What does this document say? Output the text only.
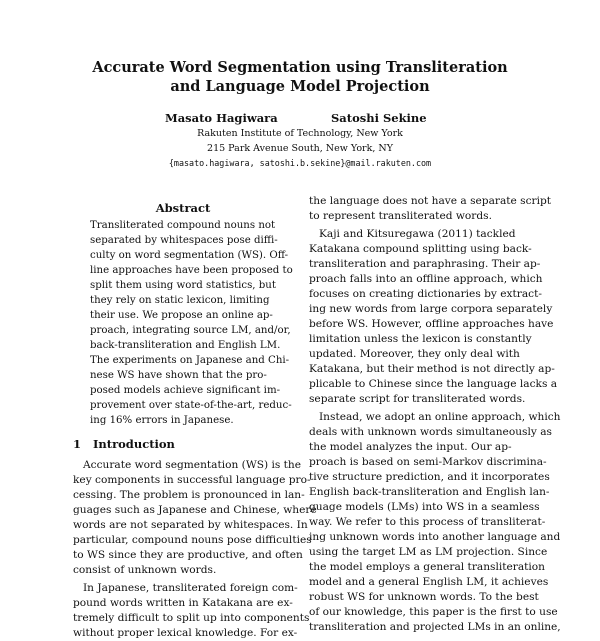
Accurate Word Segmentation using Transliteration
and Language Model Projection
Masato Hagiwara	Satoshi Sekine
Rakuten Institute of Technology, New York
215 Park Avenue South, New York, NY
{masato.hagiwara, satoshi.b.sekine}@mail.rakuten.com
Abstract
Transliterated compound nouns not
separated by whitespaces pose diffi-
culty on word segmentation (WS). Off-
line approaches have been proposed to
split them using word statistics, but
they rely on static lexicon, limiting
their use. We propose an online ap-
proach, integrating source LM, and/or,
back-transliteration and English LM.
The experiments on Japanese and Chi-
nese WS have shown that the pro-
posed models achieve significant im-
provement over state-of-the-art, reduc-
ing 16% errors in Japanese.
1 Introduction
Accurate word segmentation (WS) is the
key components in successful language pro-
cessing. The problem is pronounced in lan-
guages such as Japanese and Chinese, where
words are not separated by whitespaces. In
particular, compound nouns pose difficulties
to WS since they are productive, and often
consist of unknown words.
In Japanese, transliterated foreign com-
pound words written in Katakana are ex-
tremely difficult to split up into components
without proper lexical knowledge. For ex-
the language does not have a separate script
to represent transliterated words.
Kaji and Kitsuregawa (2011) tackled
Katakana compound splitting using back-
transliteration and paraphrasing. Their ap-
proach falls into an offline approach, which
focuses on creating dictionaries by extract-
ing new words from large corpora separately
before WS. However, offline approaches have
limitation unless the lexicon is constantly
updated. Moreover, they only deal with
Katakana, but their method is not directly ap-
plicable to Chinese since the language lacks a
separate script for transliterated words.
Instead, we adopt an online approach, which
deals with unknown words simultaneously as
the model analyzes the input. Our ap-
proach is based on semi-Markov discrimina-
tive structure prediction, and it incorporates
English back-transliteration and English lan-
guage models (LMs) into WS in a seamless
way. We refer to this process of transliterat-
ing unknown words into another language and
using the target LM as LM projection. Since
the model employs a general transliteration
model and a general English LM, it achieves
robust WS for unknown words. To the best
of our knowledge, this paper is the first to use
transliteration and projected LMs in an online,
